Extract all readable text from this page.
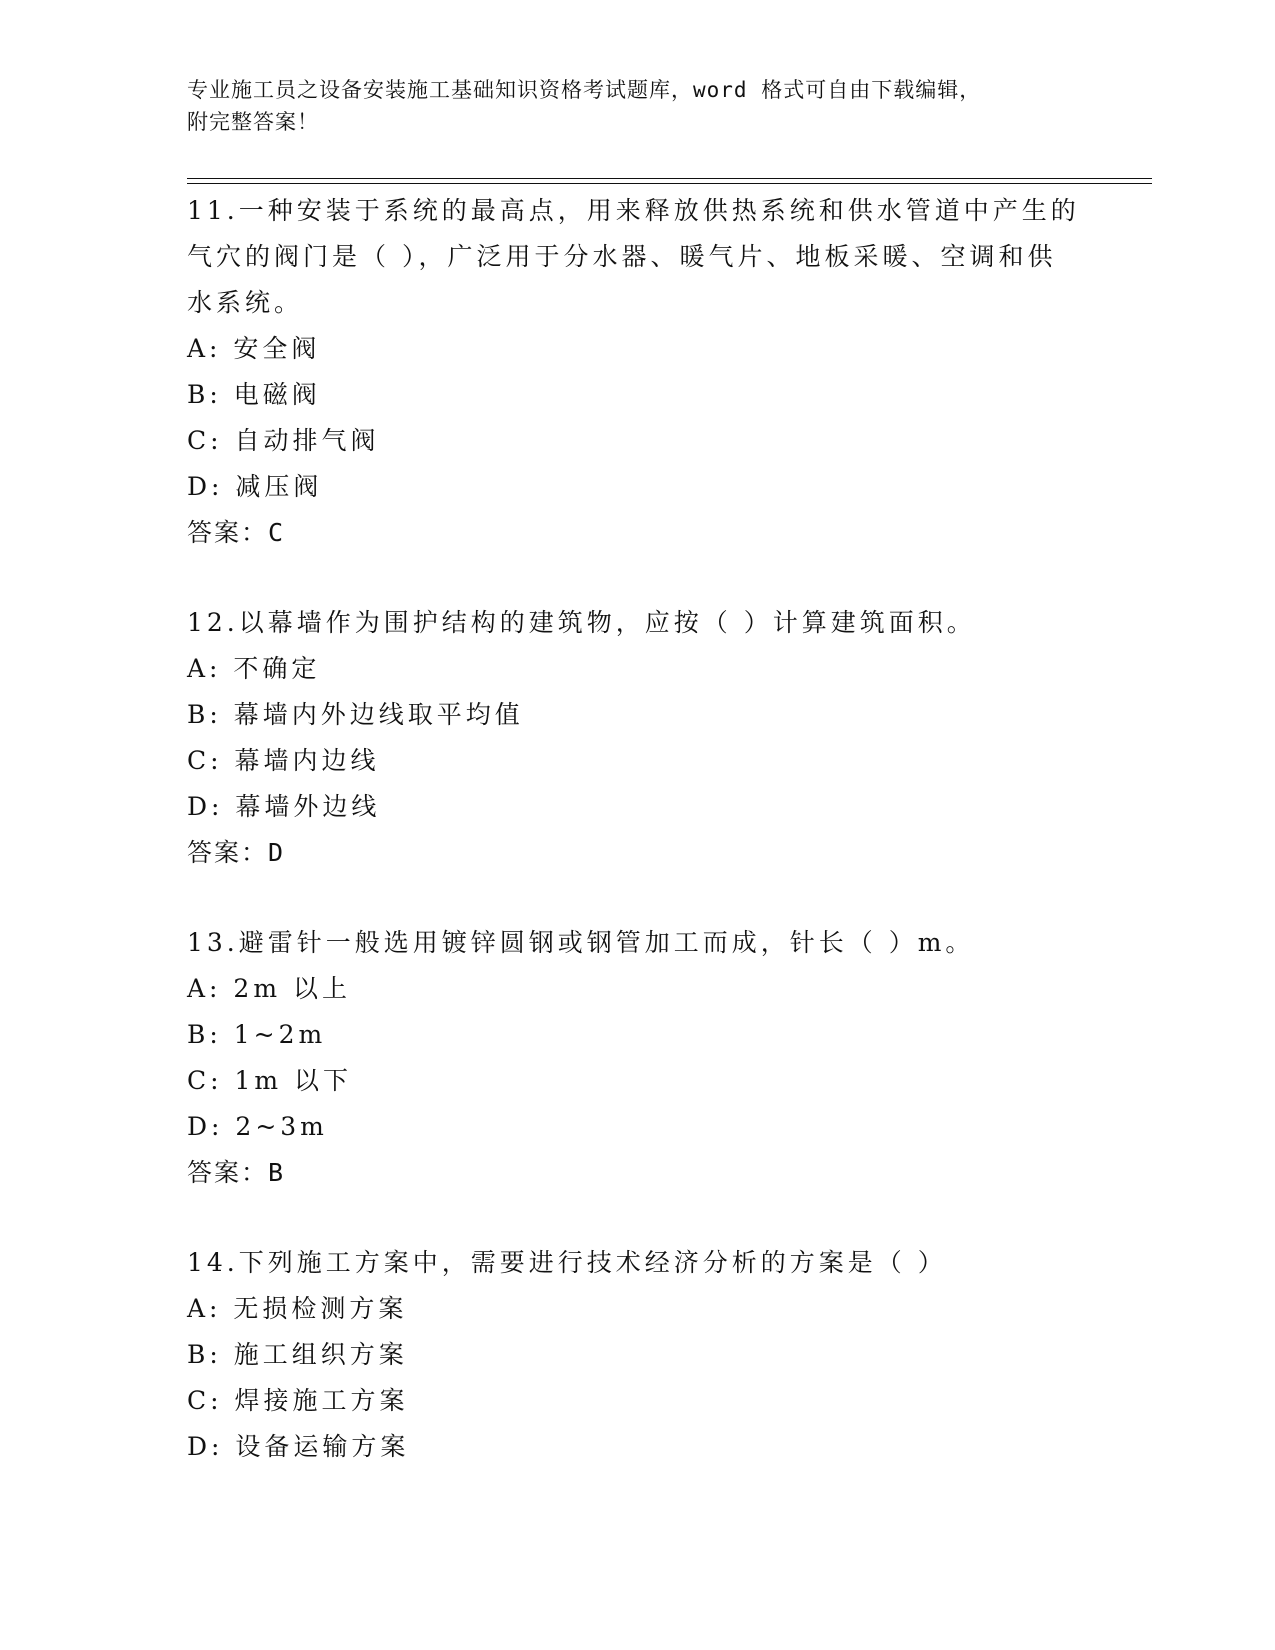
专业施工员之设备安装施工基础知识资格考试题库，word 格式可自由下载编辑，
附完整答案！

11.一种安装于系统的最高点，用来释放供热系统和供水管道中产生的

气穴的阀门是（ ），广泛用于分水器、暖气片、地板采暖、空调和供

水系统。

A: 安全阀

B: 电磁阀

C: 自动排气阀

D: 减压阀

答案：C

12.以幕墙作为围护结构的建筑物，应按（ ）计算建筑面积。

A: 不确定

B: 幕墙内外边线取平均值

C: 幕墙内边线

D: 幕墙外边线

答案：D

13.避雷针一般选用镀锌圆钢或钢管加工而成，针长（ ）m。

A: 2m 以上

B: 1~2m

C: 1m 以下

D: 2~3m

答案：B

14.下列施工方案中，需要进行技术经济分析的方案是（ ）

A: 无损检测方案

B: 施工组织方案

C: 焊接施工方案

D: 设备运输方案
